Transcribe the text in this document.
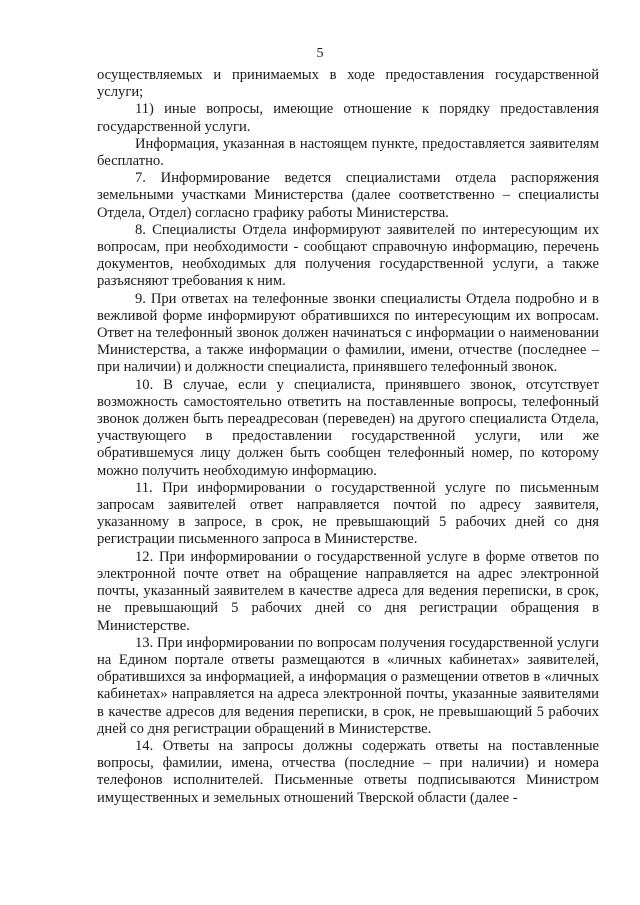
5

осуществляемых и принимаемых в ходе предоставления государственной услуги;

11) иные вопросы, имеющие отношение к порядку предоставления государственной услуги.

Информация, указанная в настоящем пункте, предоставляется заявителям бесплатно.

7. Информирование ведется специалистами отдела распоряжения земельными участками Министерства (далее соответственно – специалисты Отдела, Отдел) согласно графику работы Министерства.

8. Специалисты Отдела информируют заявителей по интересующим их вопросам, при необходимости - сообщают справочную информацию, перечень документов, необходимых для получения государственной услуги, а также разъясняют требования к ним.

9. При ответах на телефонные звонки специалисты Отдела подробно и в вежливой форме информируют обратившихся по интересующим их вопросам. Ответ на телефонный звонок должен начинаться с информации о наименовании Министерства, а также информации о фамилии, имени, отчестве (последнее – при наличии) и должности специалиста, принявшего телефонный звонок.

10. В случае, если у специалиста, принявшего звонок, отсутствует возможность самостоятельно ответить на поставленные вопросы, телефонный звонок должен быть переадресован (переведен) на другого специалиста Отдела, участвующего в предоставлении государственной услуги, или же обратившемуся лицу должен быть сообщен телефонный номер, по которому можно получить необходимую информацию.

11. При информировании о государственной услуге по письменным запросам заявителей ответ направляется почтой по адресу заявителя, указанному в запросе, в срок, не превышающий 5 рабочих дней со дня регистрации письменного запроса в Министерстве.

12. При информировании о государственной услуге в форме ответов по электронной почте ответ на обращение направляется на адрес электронной почты, указанный заявителем в качестве адреса для ведения переписки, в срок, не превышающий 5 рабочих дней со дня регистрации обращения в Министерстве.

13. При информировании по вопросам получения государственной услуги на Едином портале ответы размещаются в «личных кабинетах» заявителей, обратившихся за информацией, а информация о размещении ответов в «личных кабинетах» направляется на адреса электронной почты, указанные заявителями в качестве адресов для ведения переписки, в срок, не превышающий 5 рабочих дней со дня регистрации обращений в Министерстве.

14. Ответы на запросы должны содержать ответы на поставленные вопросы, фамилии, имена, отчества (последние – при наличии) и номера телефонов исполнителей. Письменные ответы подписываются Министром имущественных и земельных отношений Тверской области (далее -
